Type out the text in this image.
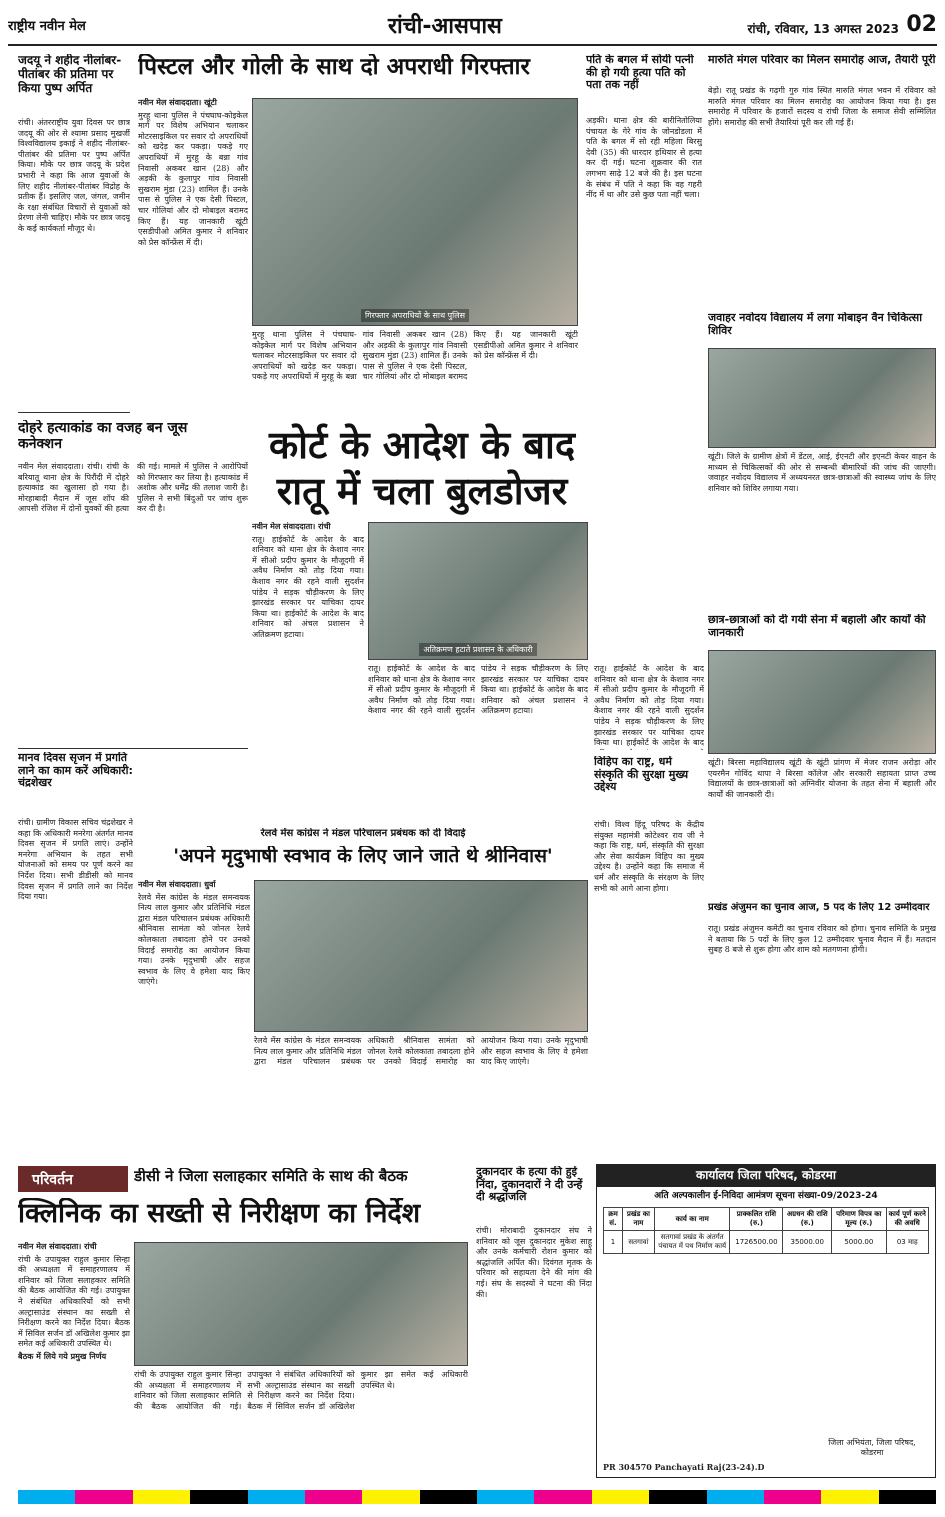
राष्ट्रीय नवीन मेल	रांची-आसपास	रांची, रविवार, 13 अगस्त 2023 02
जदयू ने शहीद नीलांबर-पीतांबर की प्रतिमा पर किया पुष्प अर्पित
रांची। अंतरराष्ट्रीय युवा दिवस पर छात्र जदयू की ओर से श्यामा प्रसाद मुखर्जी विश्वविद्यालय इकाई ने शहीद नीलांबर-पीतांबर की प्रतिमा पर पुष्प अर्पित किया। मौके पर छात्र जदयू के प्रदेश प्रभारी ने कहा कि आज युवाओं के लिए शहीद नीलांबर-पीतांबर विद्रोह के प्रतीक हैं। इसलिए जल, जंगल, जमीन के रक्षा संबंधित विचारों से युवाओं को प्रेरणा लेनी चाहिए। मौके पर छात्र जदयू के कई कार्यकर्ता मौजूद थे।
दोहरे हत्याकांड का वजह बन जूस कनेक्शन
नवीन मेल संवाददाता। रांची। रांची के बरियातू थाना क्षेत्र के पिरौंदी में दोहरे हत्याकांड का खुलासा हो गया है। मोरहाबादी मैदान में जूस शॉप की आपसी रंजिश में दोनों युवकों की हत्या की गई। मामले में पुलिस ने आरोपियों को गिरफ्तार कर लिया है। हत्याकांड में अशोक और धर्मेंद्र की तलाश जारी है। पुलिस ने सभी बिंदुओं पर जांच शुरू कर दी है।
मानव दिवस सृजन में प्रगति लाने का काम करें अधिकारी: चंद्रशेखर
रांची। ग्रामीण विकास सचिव चंद्रशेखर ने कहा कि अधिकारी मनरेगा अंतर्गत मानव दिवस सृजन में प्रगति लाएं। उन्होंने मनरेगा अभियान के तहत सभी योजनाओं को समय पर पूर्ण करने का निर्देश दिया। सभी डीडीसी को मानव दिवस सृजन में प्रगति लाने का निर्देश दिया गया।
पिस्टल और गोली के साथ दो अपराधी गिरफ्तार

नवीन मेल संवाददाता। खूंटी

मुरहू थाना पुलिस ने पंचघाघ-कोइकेल मार्ग पर विशेष अभियान चलाकर मोटरसाइकिल पर सवार दो अपराधियों को खदेड़ कर पकड़ा। पकड़े गए अपराधियों में मुरहू के बन्ना गांव निवासी अकबर खान (28) और अड़की के कुलापुर गांव निवासी सुखराम मुंडा (23) शामिल हैं। उनके पास से पुलिस ने एक देसी पिस्टल, चार गोलियां और दो मोबाइल बरामद किए हैं। यह जानकारी खूंटी एसडीपीओ अमित कुमार ने शनिवार को प्रेस कॉन्फ्रेंस में दी।

गिरफ्तार अपराधियों के साथ पुलिस
मुरहू थाना पुलिस ने पंचघाघ-कोइकेल मार्ग पर विशेष अभियान चलाकर मोटरसाइकिल पर सवार दो अपराधियों को खदेड़ कर पकड़ा। पकड़े गए अपराधियों में मुरहू के बन्ना गांव निवासी अकबर खान (28) और अड़की के कुलापुर गांव निवासी सुखराम मुंडा (23) शामिल हैं। उनके पास से पुलिस ने एक देसी पिस्टल, चार गोलियां और दो मोबाइल बरामद किए हैं। यह जानकारी खूंटी एसडीपीओ अमित कुमार ने शनिवार को प्रेस कॉन्फ्रेंस में दी।
पति के बगल में सोयी पत्नी की हो गयी हत्या पति को पता तक नहीं
अड़की। थाना क्षेत्र की बारीनितोलिया पंचायत के गेरे गांव के जोनडोडला में पति के बगल में सो रही महिला बिरसु देवी (35) की धारदार हथियार से हत्या कर दी गई। घटना शुक्रवार की रात लगभग साढ़े 12 बजे की है। इस घटना के संबंध में पति ने कहा कि वह गहरी नींद में था और उसे कुछ पता नहीं चला।
कोर्ट के आदेश के बाद रातू में चला बुलडोजर

नवीन मेल संवाददाता। रांची

रातू। हाईकोर्ट के आदेश के बाद शनिवार को थाना क्षेत्र के केशाव नगर में सीओ प्रदीप कुमार के मौजूदगी में अवैध निर्माण को तोड़ दिया गया। केशाव नगर की रहने वाली सुदर्शन पांडेय ने सड़क चौड़ीकरण के लिए झारखंड सरकार पर याचिका दायर किया था। हाईकोर्ट के आदेश के बाद शनिवार को अंचल प्रशासन ने अतिक्रमण हटाया।

अतिक्रमण हटाते प्रशासन के अधिकारी
रातू। हाईकोर्ट के आदेश के बाद शनिवार को थाना क्षेत्र के केशाव नगर में सीओ प्रदीप कुमार के मौजूदगी में अवैध निर्माण को तोड़ दिया गया। केशाव नगर की रहने वाली सुदर्शन पांडेय ने सड़क चौड़ीकरण के लिए झारखंड सरकार पर याचिका दायर किया था। हाईकोर्ट के आदेश के बाद शनिवार को अंचल प्रशासन ने अतिक्रमण हटाया।
रातू। हाईकोर्ट के आदेश के बाद शनिवार को थाना क्षेत्र के केशाव नगर में सीओ प्रदीप कुमार के मौजूदगी में अवैध निर्माण को तोड़ दिया गया। केशाव नगर की रहने वाली सुदर्शन पांडेय ने सड़क चौड़ीकरण के लिए झारखंड सरकार पर याचिका दायर किया था। हाईकोर्ट के आदेश के बाद
विहिप का राष्ट्र, धर्म संस्कृति की सुरक्षा मुख्य उद्देश्य
रांची। विश्व हिंदू परिषद के केंद्रीय संयुक्त महामंत्री कोटेश्वर राव जी ने कहा कि राष्ट्र, धर्म, संस्कृति की सुरक्षा और सेवा कार्यक्रम विहिप का मुख्य उद्देश्य है। उन्होंने कहा कि समाज में धर्म और संस्कृति के संरक्षण के लिए सभी को आगे आना होगा।
रेलवे मेंस कांग्रेस ने मंडल परिचालन प्रबंधक को दी विदाई
'अपने मृदुभाषी स्वभाव के लिए जाने जाते थे श्रीनिवास'

नवीन मेल संवाददाता। धुर्वा

रेलवे मेंस कांग्रेस के मंडल समन्वयक नित्य लाल कुमार और प्रतिनिधि मंडल द्वारा मंडल परिचालन प्रबंधक अधिकारी श्रीनिवास सामंता को जोनल रेलवे कोलकाता तबादला होने पर उनको विदाई समारोह का आयोजन किया गया। उनके मृदुभाषी और सहज स्वभाव के लिए वे हमेशा याद किए जाएंगे।

रेलवे मेंस कांग्रेस के मंडल समन्वयक नित्य लाल कुमार और प्रतिनिधि मंडल द्वारा मंडल परिचालन प्रबंधक अधिकारी श्रीनिवास सामंता को जोनल रेलवे कोलकाता तबादला होने पर उनको विदाई समारोह का आयोजन किया गया। उनके मृदुभाषी और सहज स्वभाव के लिए वे हमेशा याद किए जाएंगे।
परिवर्तन	डीसी ने जिला सलाहकार समिति के साथ की बैठक
क्लिनिक का सख्ती से निरीक्षण का निर्देश

नवीन मेल संवाददाता। रांची

रांची के उपायुक्त राहुल कुमार सिन्हा की अध्यक्षता में समाहरणालय में शनिवार को जिला सलाहकार समिति की बैठक आयोजित की गई। उपायुक्त ने संबंधित अधिकारियों को सभी अल्ट्रासाउंड संस्थान का सख्ती से निरीक्षण करने का निर्देश दिया। बैठक में सिविल सर्जन डॉ अखिलेश कुमार झा समेत कई अधिकारी उपस्थित थे।

बैठक में लिये गये प्रमुख निर्णय

रांची के उपायुक्त राहुल कुमार सिन्हा की अध्यक्षता में समाहरणालय में शनिवार को जिला सलाहकार समिति की बैठक आयोजित की गई। उपायुक्त ने संबंधित अधिकारियों को सभी अल्ट्रासाउंड संस्थान का सख्ती से निरीक्षण करने का निर्देश दिया। बैठक में सिविल सर्जन डॉ अखिलेश कुमार झा समेत कई अधिकारी उपस्थित थे।
दुकानदार के हत्या की हुई निंदा, दुकानदारों ने दी उन्हें दी श्रद्धांजलि
रांची। मोराबादी दुकानदार संघ ने शनिवार को जूस दुकानदार मुकेश साहू और उनके कर्मचारी रोशन कुमार को श्रद्धांजलि अर्पित की। दिवंगत मृतक के परिवार को सहायता देने की मांग की गई। संघ के सदस्यों ने घटना की निंदा की।
मारुति मंगल परिवार का मिलन समारोह आज, तैयारी पूरी
बेड़ो। रातू प्रखंड के गढ़गी गुरु गांव स्थित मारुति मंगल भवन में रविवार को मारुति मंगल परिवार का मिलन समारोह का आयोजन किया गया है। इस समारोह में परिवार के हजारों सदस्य व रांची जिला के समाज सेवी सम्मिलित होंगे। समारोह की सभी तैयारियां पूरी कर ली गई हैं।
जवाहर नवोदय विद्यालय में लगा मोबाइन वैन चिकित्सा शिविर
खूंटी। जिले के ग्रामीण क्षेत्रों में डेंटल, आई, ईएनटी और इएनटी केयर वाहन के माध्यम से चिकित्सकों की ओर से सम्बन्धी बीमारियों की जांच की जाएगी। जवाहर नवोदय विद्यालय में अध्ययनरत छात्र-छात्राओं की स्वास्थ्य जांच के लिए शनिवार को शिविर लगाया गया।
छात्र-छात्राओं को दी गयी सेना में बहाली और कार्यों की जानकारी
खूंटी। बिरसा महाविद्यालय खूंटी के खूंटी प्रांगण में मेजर राजन अरोड़ा और एयरमैन गोविंद थापा ने बिरसा कॉलेज और सरकारी सहायता प्राप्त उच्च विद्यालयों के छात्र-छात्राओं को अग्निवीर योजना के तहत सेना में बहाली और कार्यों की जानकारी दी।
प्रखंड अंजुमन का चुनाव आज, 5 पद के लिए 12 उम्मीदवार
रातू। प्रखंड अंजुमन कमेटी का चुनाव रविवार को होगा। चुनाव समिति के प्रमुख ने बताया कि 5 पदों के लिए कुल 12 उम्मीदवार चुनाव मैदान में हैं। मतदान सुबह 8 बजे से शुरू होगा और शाम को मतगणना होगी।
कार्यालय जिला परिषद, कोडरमा
अति अल्पकालीन ई-निविदा आमंत्रण सूचना संख्या-09/2023-24
क्रम सं.	प्रखंड का नाम	कार्य का नाम	प्राक्कलित राशि (रु.)	अग्रधन की राशि (रु.)	परिमाण विपत्र का मूल्य (रु.)	कार्य पूर्ण करने की अवधि
1	सतगावां	सतगावां प्रखंड के अंतर्गत पंचायत में पथ निर्माण कार्य	1726500.00	35000.00	5000.00	03 माह
जिला अभियंता, जिला परिषद, कोडरमा
PR 304570 Panchayati Raj(23-24).D
